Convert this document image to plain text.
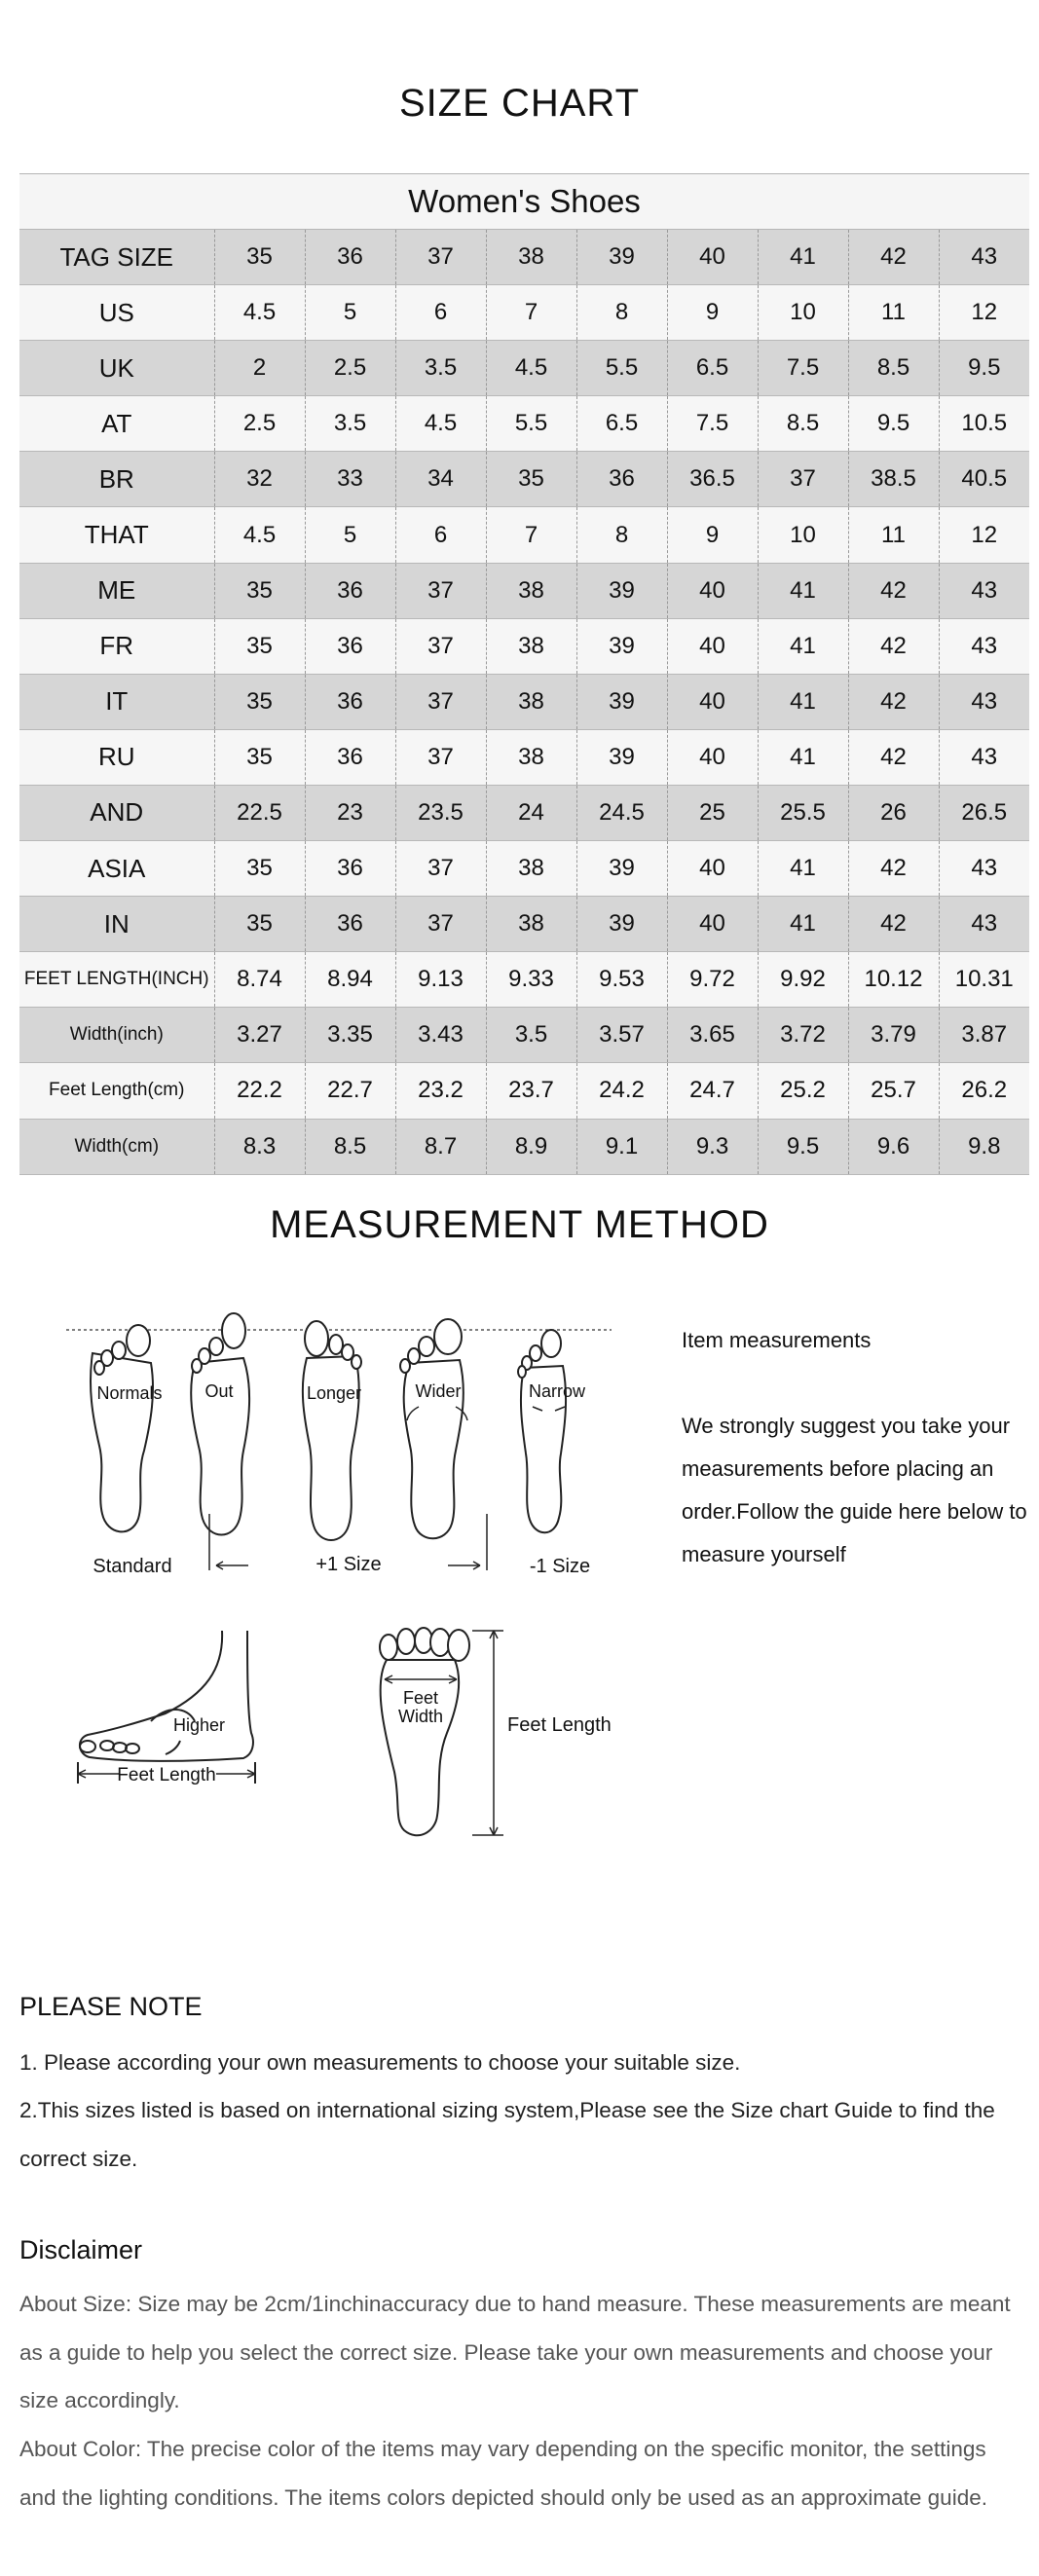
SIZE CHART
Women's Shoes									
TAG SIZE	35	36	37	38	39	40	41	42	43
US	4.5	5	6	7	8	9	10	11	12
UK	2	2.5	3.5	4.5	5.5	6.5	7.5	8.5	9.5
AT	2.5	3.5	4.5	5.5	6.5	7.5	8.5	9.5	10.5
BR	32	33	34	35	36	36.5	37	38.5	40.5
THAT	4.5	5	6	7	8	9	10	11	12
ME	35	36	37	38	39	40	41	42	43
FR	35	36	37	38	39	40	41	42	43
IT	35	36	37	38	39	40	41	42	43
RU	35	36	37	38	39	40	41	42	43
AND	22.5	23	23.5	24	24.5	25	25.5	26	26.5
ASIA	35	36	37	38	39	40	41	42	43
IN	35	36	37	38	39	40	41	42	43
FEET LENGTH(INCH)	8.74	8.94	9.13	9.33	9.53	9.72	9.92	10.12	10.31
Width(inch)	3.27	3.35	3.43	3.5	3.57	3.65	3.72	3.79	3.87
Feet Length(cm)	22.2	22.7	23.2	23.7	24.2	24.7	25.2	25.7	26.2
Width(cm)	8.3	8.5	8.7	8.9	9.1	9.3	9.5	9.6	9.8
MEASUREMENT METHOD
Normals Out	Longer	Wider	Narrow
Standard	+1 Size	-1 Size
Higher
Feet Length
Feet
Width	Feet Length
Item measurements
We strongly suggest you take your measurements before placing an order.Follow the guide here below to measure yourself
PLEASE NOTE
1. Please according your own measurements to choose your suitable size.
2.This sizes listed is based on international sizing system,Please see the Size chart Guide to find the correct size.
Disclaimer
About Size: Size may be 2cm/1inchinaccuracy due to hand measure. These measurements are meant as a guide to help you select the correct size. Please take your own measurements and choose your size accordingly.
About Color: The precise color of the items may vary depending on the specific monitor, the settings and the lighting conditions. The items colors depicted should only be used as an approximate guide.
